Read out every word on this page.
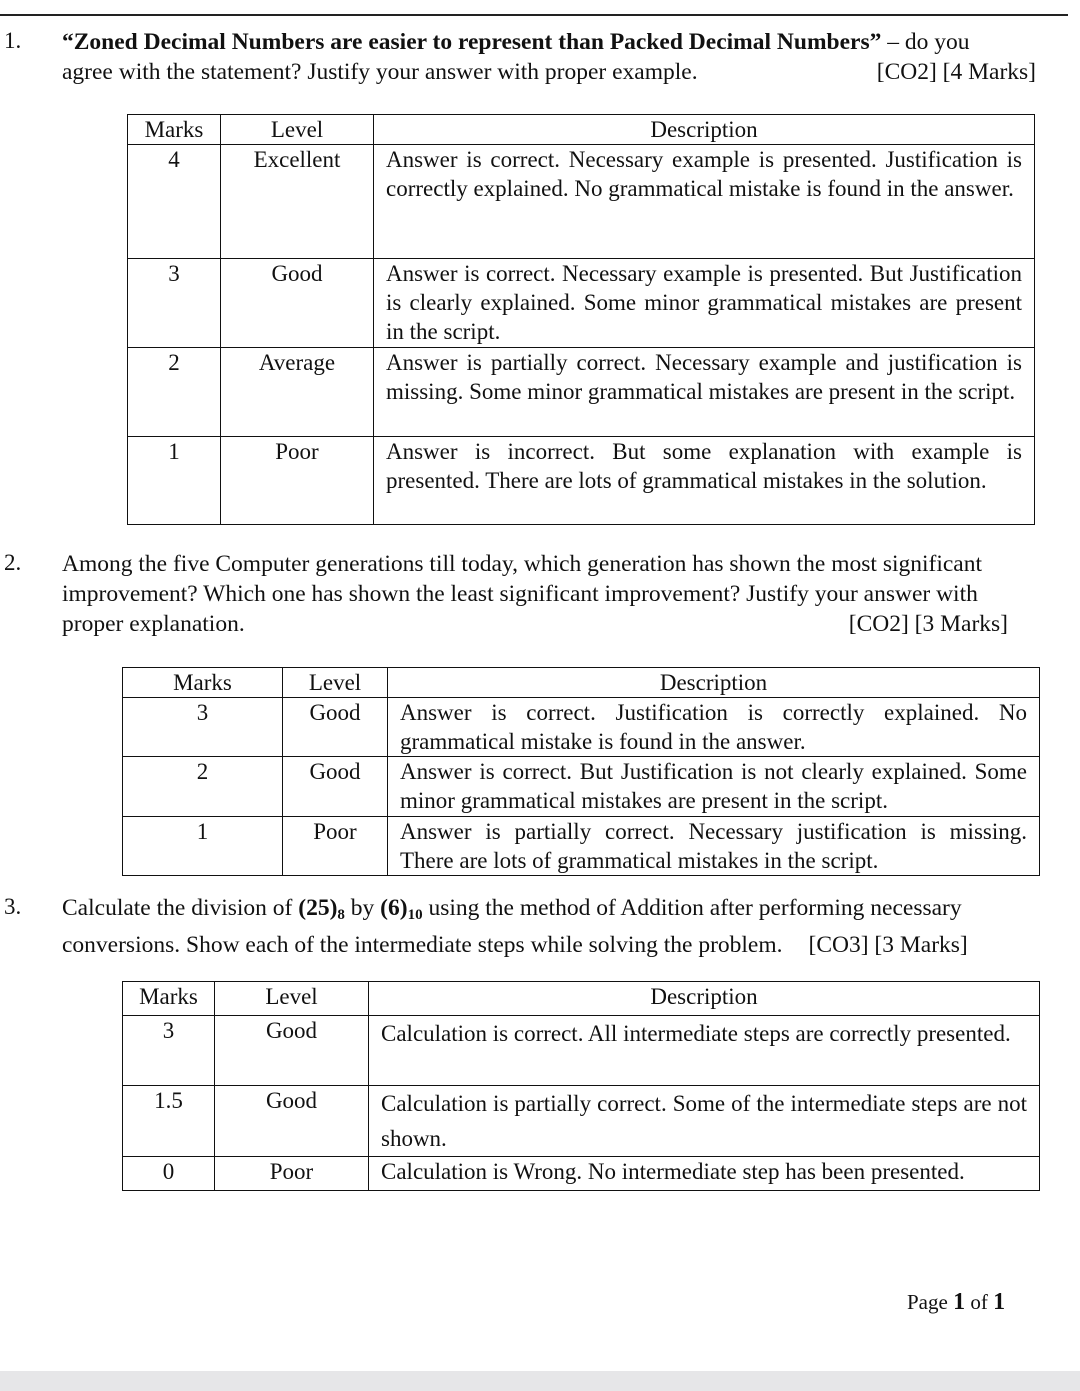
1. “Zoned Decimal Numbers are easier to represent than Packed Decimal Numbers” – do you
agree with the statement? Justify your answer with proper example.	[CO2] [4 Marks]
Marks	Level	Description
4	Excellent	Answer is correct. Necessary example is presented. Justification is correctly explained. No grammatical mistake is found in the answer.
3	Good	Answer is correct. Necessary example is presented. But Justification is clearly explained. Some minor grammatical mistakes are present in the script.
2	Average	Answer is partially correct. Necessary example and justification is missing. Some minor grammatical mistakes are present in the script.
1	Poor	Answer is incorrect. But some explanation with example is presented. There are lots of grammatical mistakes in the solution.
2. Among the five Computer generations till today, which generation has shown the most significant
improvement? Which one has shown the least significant improvement? Justify your answer with
proper explanation.	[CO2] [3 Marks]
Marks	Level	Description
3	Good	Answer is correct. Justification is correctly explained. No grammatical mistake is found in the answer.
2	Good	Answer is correct. But Justification is not clearly explained. Some minor grammatical mistakes are present in the script.
1	Poor	Answer is partially correct. Necessary justification is missing. There are lots of grammatical mistakes in the script.
3. Calculate the division of $(25)_8$ by $(6)_{10}$ using the method of Addition after performing necessary
conversions. Show each of the intermediate steps while solving the problem. [CO3] [3 Marks]
Marks	Level	Description
3	Good	Calculation is correct. All intermediate steps are correctly presented.
1.5	Good	Calculation is partially correct. Some of the intermediate steps are not shown.
0	Poor	Calculation is Wrong. No intermediate step has been presented.
Page 1 of 1
